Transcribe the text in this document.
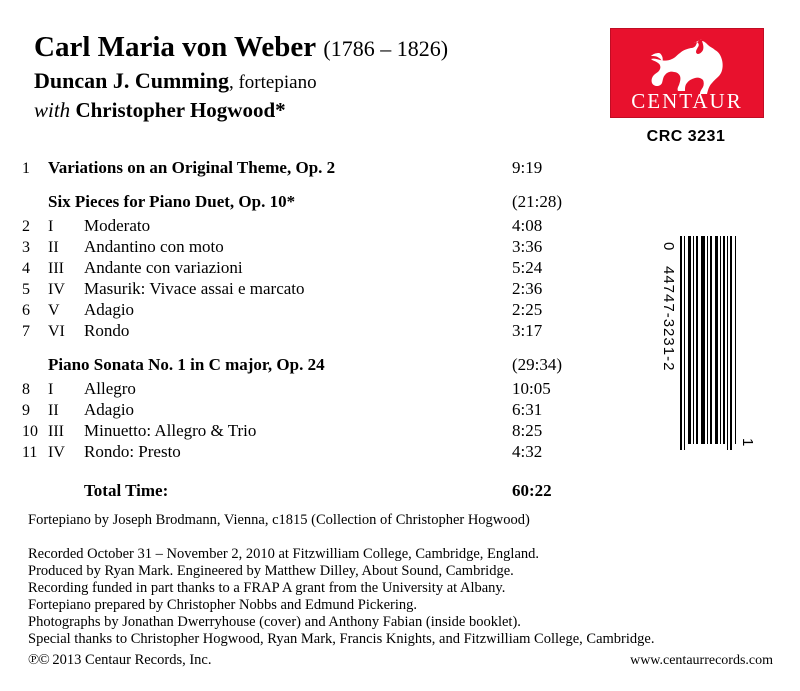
Carl Maria von Weber (1786 – 1826)
Duncan J. Cumming, fortepiano
with Christopher Hogwood*	CENTAUR
CRC 3231
0
44747-3231-2
1
1	Variations on an Original Theme, Op. 2	9:19
Six Pieces for Piano Duet, Op. 10*	(21:28)
2	I	Moderato	4:08
3	II	Andantino con moto	3:36
4	III	Andante con variazioni	5:24
5	IV	Masurik: Vivace assai e marcato	2:36
6	V	Adagio	2:25
7	VI	Rondo	3:17
Piano Sonata No. 1 in C major, Op. 24	(29:34)
8	I	Allegro	10:05
9	II	Adagio	6:31
10 III	Minuetto: Allegro & Trio	8:25
11 IV	Rondo: Presto	4:32
Total Time:	60:22
Fortepiano by Joseph Brodmann, Vienna, c1815 (Collection of Christopher Hogwood)
Recorded October 31 – November 2, 2010 at Fitzwilliam College, Cambridge, England.
Produced by Ryan Mark. Engineered by Matthew Dilley, About Sound, Cambridge.
Recording funded in part thanks to a FRAP A grant from the University at Albany.
Fortepiano prepared by Christopher Nobbs and Edmund Pickering.
Photographs by Jonathan Dwerryhouse (cover) and Anthony Fabian (inside booklet).
Special thanks to Christopher Hogwood, Ryan Mark, Francis Knights, and Fitzwilliam College, Cambridge.
℗© 2013 Centaur Records, Inc.	www.centaurrecords.com
